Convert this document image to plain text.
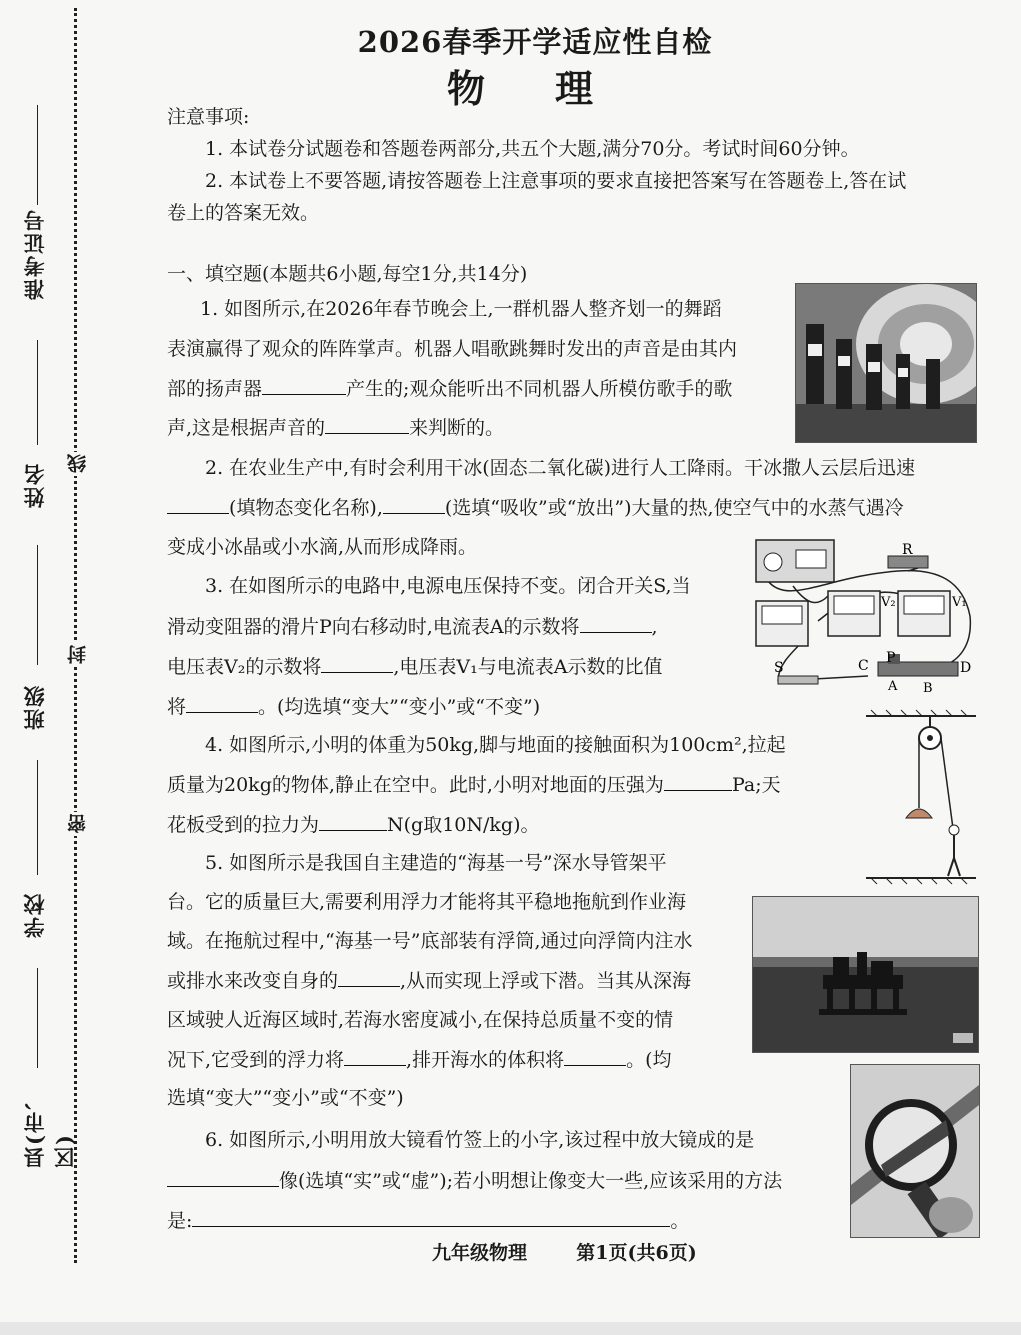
准考证号
姓名
班级
学校
县(市、区)
线
封
密
2026春季开学适应性自检
物理
注意事项:
1. 本试卷分试题卷和答题卷两部分,共五个大题,满分70分。考试时间60分钟。
2. 本试卷上不要答题,请按答题卷上注意事项的要求直接把答案写在答题卷上,答在试
卷上的答案无效。
一、填空题(本题共6小题,每空1分,共14分)
1. 如图所示,在2026年春节晚会上,一群机器人整齐划一的舞蹈
表演赢得了观众的阵阵掌声。机器人唱歌跳舞时发出的声音是由其内
部的扬声器	产生的;观众能听出不同机器人所模仿歌手的歌
声,这是根据声音的	来判断的。
2. 在农业生产中,有时会利用干冰(固态二氧化碳)进行人工降雨。干冰撒人云层后迅速
(填物态变化名称),	(选填“吸收”或“放出”)大量的热,使空气中的水蒸气遇冷
变成小冰晶或小水滴,从而形成降雨。
3. 在如图所示的电路中,电源电压保持不变。闭合开关S,当
滑动变阻器的滑片P向右移动时,电流表A的示数将	,
电压表V₂的示数将	,电压表V₁与电流表A示数的比值
将	。(均选填“变大”“变小”或“不变”)
R
V₂	V₁
S	C P
D
A B
4. 如图所示,小明的体重为50kg,脚与地面的接触面积为100cm²,拉起
质量为20kg的物体,静止在空中。此时,小明对地面的压强为	Pa;天
花板受到的拉力为	N(g取10N/kg)。
5. 如图所示是我国自主建造的“海基一号”深水导管架平
台。它的质量巨大,需要利用浮力才能将其平稳地拖航到作业海
域。在拖航过程中,“海基一号”底部装有浮筒,通过向浮筒内注水
或排水来改变自身的	,从而实现上浮或下潜。当其从深海
区域驶人近海区域时,若海水密度减小,在保持总质量不变的情
况下,它受到的浮力将	,排开海水的体积将	。(均
选填“变大”“变小”或“不变”)
6. 如图所示,小明用放大镜看竹签上的小字,该过程中放大镜成的是
像(选填“实”或“虚”);若小明想让像变大一些,应该采用的方法
是:	。
九年级物理	第1页(共6页)
